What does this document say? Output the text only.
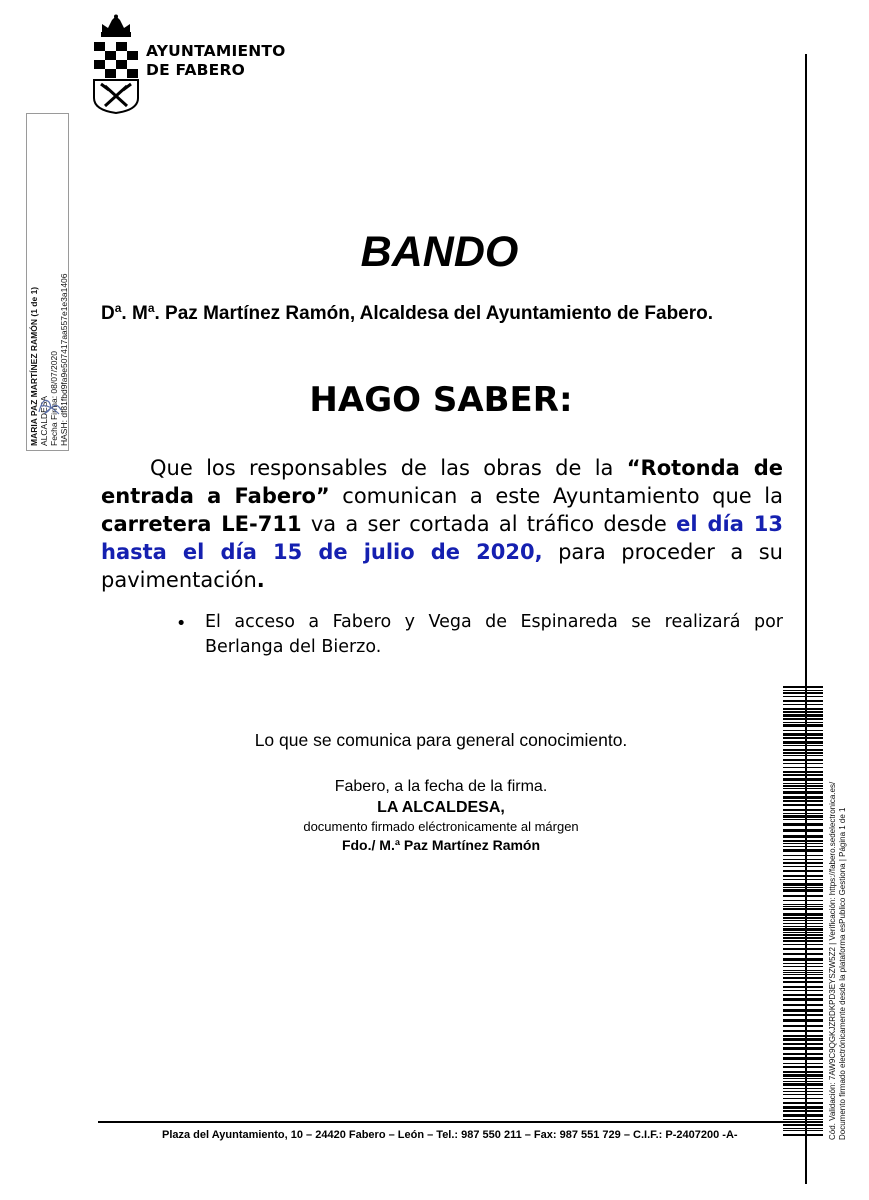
AYUNTAMIENTO
DE FABERO
MARIA PAZ MARTÍNEZ RAMÓN (1 de 1) ALCALDESA Fecha Firma: 08/07/2020 HASH: df81fbd9fa9e507417aa557e1e3a1406
Cód. Validación: 7AW9C9QGKJZRDKPD3EYSZW5Z2 | Verificación: https://fabero.sedelectronica.es/ Documento firmado electrónicamente desde la plataforma esPublico Gestiona | Página 1 de 1
BANDO
$D^a$. $M^a$. Paz Martínez Ramón, Alcaldesa del Ayuntamiento de Fabero.
HAGO SABER:
Que los responsables de las obras de la “Rotonda de entrada a Fabero” comunican a este Ayuntamiento que la carretera LE-711 va a ser cortada al tráfico desde el día 13 hasta el día 15 de julio de 2020, para proceder a su pavimentación.
• El acceso a Fabero y Vega de Espinareda se realizará por Berlanga del Bierzo.
Lo que se comunica para general conocimiento.
Fabero, a la fecha de la firma.
LA ALCALDESA,
documento firmado eléctronicamente al márgen
Fdo./ M.ª Paz Martínez Ramón
Plaza del Ayuntamiento, 10 – 24420 Fabero – León – Tel.: 987 550 211 – Fax: 987 551 729 – C.I.F.: P-2407200 -A-
